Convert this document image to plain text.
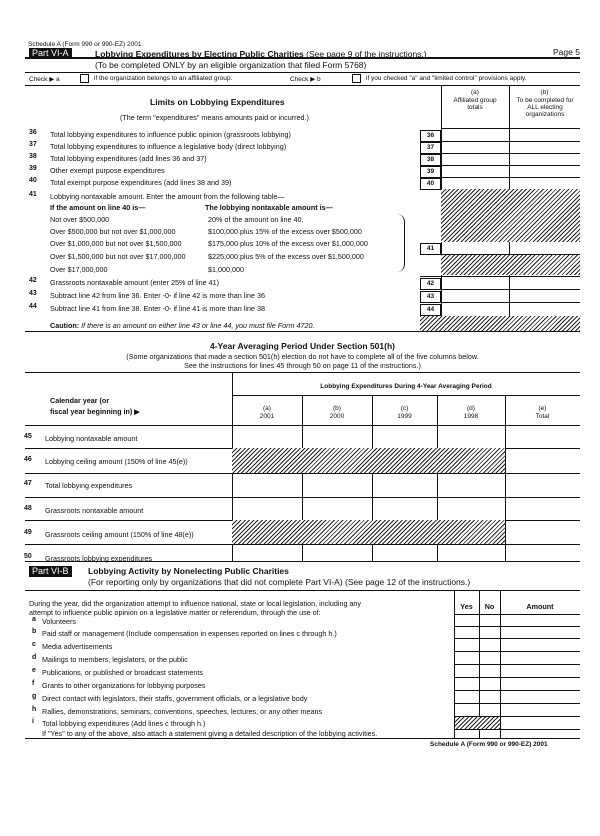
Schedule A (Form 990 or 990-EZ) 2001
Page 5
Part VI-A	Lobbying Expenditures by Electing Public Charities (See page 9 of the instructions.)
(To be completed ONLY by an eligible organization that filed Form 5768)
Check ▶ a	if the organization belongs to an affiliated group.	Check ▶ b	if you checked "a" and "limited control" provisions apply.
Limits on Lobbying Expenditures
(The term "expenditures" means amounts paid or incurred.)
(a)
Affiliated group totals
(b)
To be completed for ALL electing organizations
36 Total lobbying expenditures to influence public opinion (grassroots lobbying)	36
37 Total lobbying expenditures to influence a legislative body (direct lobbying)	37
38 Total lobbying expenditures (add lines 36 and 37)	38
39 Other exempt purpose expenditures	39
40 Total exempt purpose expenditures (add lines 38 and 39)	40
41 Lobbying nontaxable amount. Enter the amount from the following table—
If the amount on line 40 is—	The lobbying nontaxable amount is—
Not over $500,000	20% of the amount on line 40.
Over $500,000 but not over $1,000,000	$100,000 plus 15% of the excess over $500,000
Over $1,000,000 but not over $1,500,000	$175,000 plus 10% of the excess over $1,000,000
Over $1,500,000 but not over $17,000,000	$225,000 plus 5% of the excess over $1,500,000
Over $17,000,000	$1,000,000
41
42 Grassroots nontaxable amount (enter 25% of line 41)	42
43 Subtract line 42 from line 36. Enter -0- if line 42 is more than line 36	43
44 Subtract line 41 from line 38. Enter -0- if line 41 is more than line 38	44
Caution: If there is an amount on either line 43 or line 44, you must file Form 4720.
4-Year Averaging Period Under Section 501(h)
(Some organizations that made a section 501(h) election do not have to complete all of the five columns below.
See the instructions for lines 45 through 50 on page 11 of the instructions.)
Lobbying Expenditures During 4-Year Averaging Period
Calendar year (or
fiscal year beginning in) ▶	(a)
2001
(b)
2000
(c)
1999
(d)
1998
(e)
Total
45 Lobbying nontaxable amount
46 Lobbying ceiling amount (150% of line 45(e))
47 Total lobbying expenditures
48 Grassroots nontaxable amount
49 Grassroots ceiling amount (150% of line 48(e))
50 Grassroots lobbying expenditures
Part VI-B	Lobbying Activity by Nonelecting Public Charities
(For reporting only by organizations that did not complete Part VI-A) (See page 12 of the instructions.)
During the year, did the organization attempt to influence national, state or local legislation, including any
attempt to influence public opinion on a legislative matter or referendum, through the use of:
Yes	No	Amount
a Volunteers
b Paid staff or management (Include compensation in expenses reported on lines c through h.)
c Media advertisements
d Mailings to members, legislators, or the public
e Publications, or published or broadcast statements
f Grants to other organizations for lobbying purposes
g Direct contact with legislators, their staffs, government officials, or a legislative body
h Rallies, demonstrations, seminars, conventions, speeches, lectures, or any other means
i Total lobbying expenditures (Add lines c through h.)
If "Yes" to any of the above, also attach a statement giving a detailed description of the lobbying activities.
Schedule A (Form 990 or 990-EZ) 2001
